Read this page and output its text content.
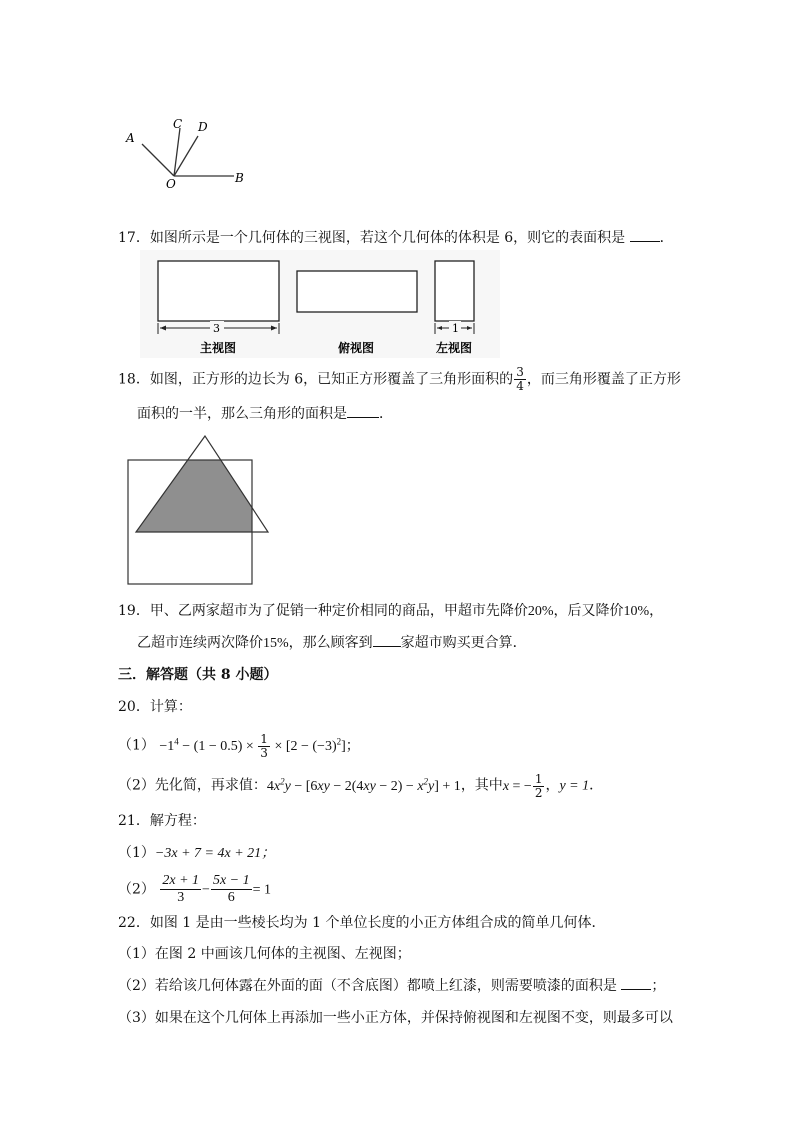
A
C D
O	B
17．如图所示是一个几何体的三视图，若这个几何体的体积是 6，则它的表面积是 ．
3	1
主视图	俯视图	左视图
18．如图，正方形的边长为 6，已知正方形覆盖了三角形面积的 $\frac{3}{4}$ ，而三角形覆盖了正方形
面积的一半，那么三角形的面积是 ．
19．甲、乙两家超市为了促销一种定价相同的商品，甲超市先降价20%，后又降价10%，
乙超市连续两次降价15%，那么顾客到 家超市购买更合算．
三．解答题（共 8 小题）
20．计算：
$(1) -1^4 - (1 - 0.5) \times \frac{1}{3} \times [2 - (-3)^2]$；
（2）先化简，再求值：$4x^2y - [6xy - 2(4xy - 2) - x^2y] + 1$，其中x = − $\frac{1}{2}$ ，y = 1．
21．解方程：
（1）−3x + 7 = 4x + 21；
$(2) \frac{2x + 1}{3} - \frac{5x - 1}{6} = 1$
22．如图 1 是由一些棱长均为 1 个单位长度的小正方体组合成的简单几何体．
（1）在图 2 中画该几何体的主视图、左视图；
（2）若给该几何体露在外面的面（不含底图）都喷上红漆，则需要喷漆的面积是 ；
（3）如果在这个几何体上再添加一些小正方体，并保持俯视图和左视图不变，则最多可以
